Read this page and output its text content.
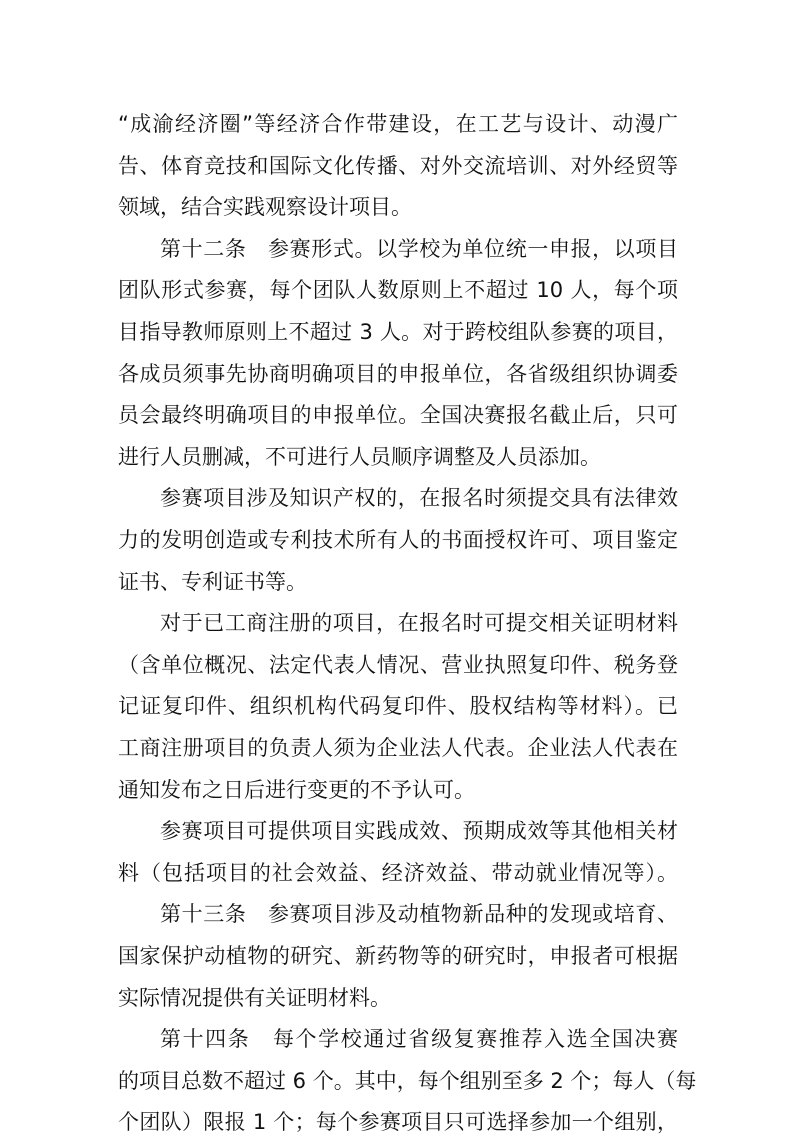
“成渝经济圈”等经济合作带建设，在工艺与设计、动漫广
告、体育竞技和国际文化传播、对外交流培训、对外经贸等
领域，结合实践观察设计项目。
第十二条　参赛形式。以学校为单位统一申报，以项目
团队形式参赛，每个团队人数原则上不超过 10 人，每个项
目指导教师原则上不超过 3 人。对于跨校组队参赛的项目，
各成员须事先协商明确项目的申报单位，各省级组织协调委
员会最终明确项目的申报单位。全国决赛报名截止后，只可
进行人员删减，不可进行人员顺序调整及人员添加。
参赛项目涉及知识产权的，在报名时须提交具有法律效
力的发明创造或专利技术所有人的书面授权许可、项目鉴定
证书、专利证书等。
对于已工商注册的项目，在报名时可提交相关证明材料
（含单位概况、法定代表人情况、营业执照复印件、税务登
记证复印件、组织机构代码复印件、股权结构等材料）。已
工商注册项目的负责人须为企业法人代表。企业法人代表在
通知发布之日后进行变更的不予认可。
参赛项目可提供项目实践成效、预期成效等其他相关材
料（包括项目的社会效益、经济效益、带动就业情况等）。
第十三条　参赛项目涉及动植物新品种的发现或培育、
国家保护动植物的研究、新药物等的研究时，申报者可根据
实际情况提供有关证明材料。
第十四条　每个学校通过省级复赛推荐入选全国决赛
的项目总数不超过 6 个。其中，每个组别至多 2 个；每人（每
个团队）限报 1 个；每个参赛项目只可选择参加一个组别，
